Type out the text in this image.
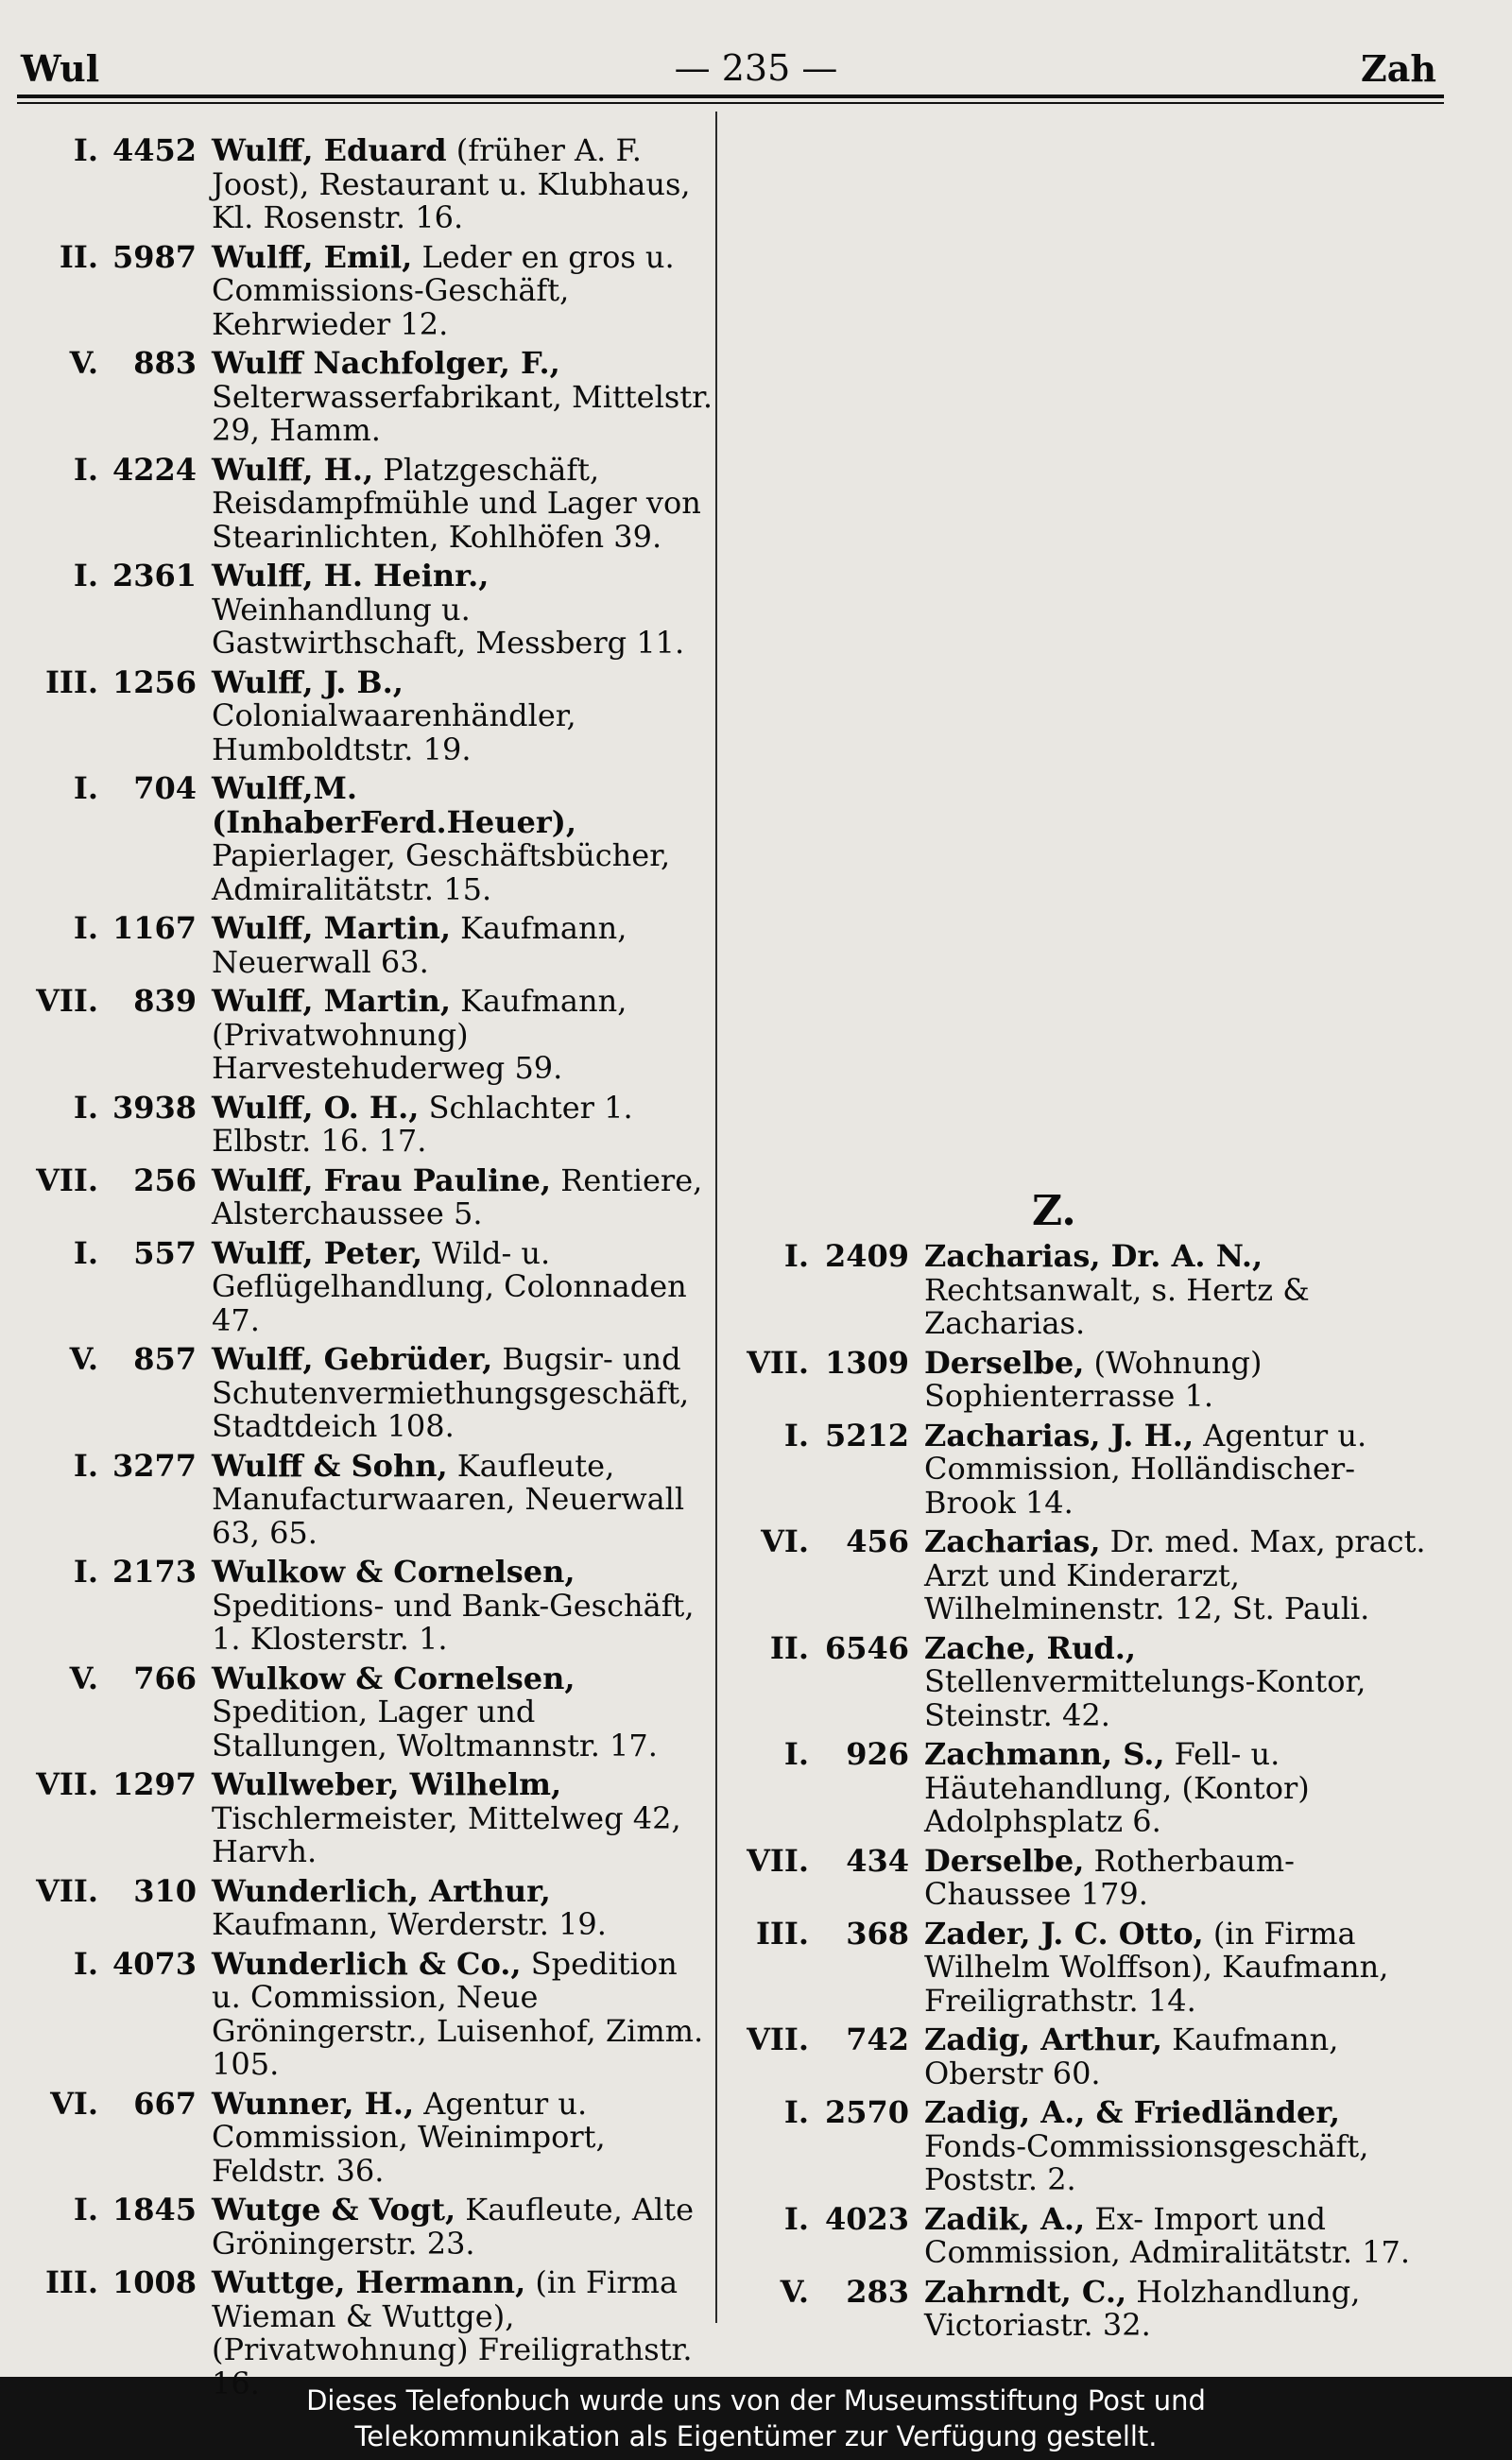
Wul	— 235 —	Zah
I. 4452 Wulff, Eduard (früher A. F. Joost), Restaurant u. Klubhaus, Kl. Rosenstr. 16.
II. 5987 Wulff, Emil, Leder en gros u. Commissions-Geschäft, Kehrwieder 12.
V. 883 Wulff Nachfolger, F., Selterwasserfabrikant, Mittelstr. 29, Hamm.
I. 4224 Wulff, H., Platzgeschäft, Reisdampfmühle und Lager von Stearinlichten, Kohlhöfen 39.
I. 2361 Wulff, H. Heinr., Weinhandlung u. Gastwirthschaft, Messberg 11.
III. 1256 Wulff, J. B., Colonialwaarenhändler, Humboldtstr. 19.
I. 704 Wulff,M.(InhaberFerd.Heuer), Papierlager, Geschäftsbücher, Admiralitätstr. 15.
I. 1167 Wulff, Martin, Kaufmann, Neuerwall 63.
VII. 839 Wulff, Martin, Kaufmann, (Privatwohnung) Harvestehuderweg 59.
I. 3938 Wulff, O. H., Schlachter 1. Elbstr. 16. 17.
VII. 256 Wulff, Frau Pauline, Rentiere, Alsterchaussee 5.
I. 557 Wulff, Peter, Wild- u. Geflügelhandlung, Colonnaden 47.
V. 857 Wulff, Gebrüder, Bugsir- und Schutenvermiethungsgeschäft, Stadtdeich 108.
I. 3277 Wulff & Sohn, Kaufleute, Manufacturwaaren, Neuerwall 63, 65.
I. 2173 Wulkow & Cornelsen, Speditions- und Bank-Geschäft, 1. Klosterstr. 1.
V. 766 Wulkow & Cornelsen, Spedition, Lager und Stallungen, Woltmannstr. 17.
VII. 1297 Wullweber, Wilhelm, Tischlermeister, Mittelweg 42, Harvh.
VII. 310 Wunderlich, Arthur, Kaufmann, Werderstr. 19.
I. 4073 Wunderlich & Co., Spedition u. Commission, Neue Gröningerstr., Luisenhof, Zimm. 105.
VI. 667 Wunner, H., Agentur u. Commission, Weinimport, Feldstr. 36.
I. 1845 Wutge & Vogt, Kaufleute, Alte Gröningerstr. 23.
III. 1008 Wuttge, Hermann, (in Firma Wieman & Wuttge), (Privatwohnung) Freiligrathstr. 16.
Z.
I. 2409 Zacharias, Dr. A. N., Rechtsanwalt, s. Hertz & Zacharias.
VII. 1309 Derselbe, (Wohnung) Sophienterrasse 1.
I. 5212 Zacharias, J. H., Agentur u. Commission, Holländischer-Brook 14.
VI. 456 Zacharias, Dr. med. Max, pract. Arzt und Kinderarzt, Wilhelminenstr. 12, St. Pauli.
II. 6546 Zache, Rud., Stellenvermittelungs-Kontor, Steinstr. 42.
I. 926 Zachmann, S., Fell- u. Häutehandlung, (Kontor) Adolphsplatz 6.
VII. 434 Derselbe, Rotherbaum-Chaussee 179.
III. 368 Zader, J. C. Otto, (in Firma Wilhelm Wolffson), Kaufmann, Freiligrathstr. 14.
VII. 742 Zadig, Arthur, Kaufmann, Oberstr 60.
I. 2570 Zadig, A., & Friedländer, Fonds-Commissionsgeschäft, Poststr. 2.
I. 4023 Zadik, A., Ex- Import und Commission, Admiralitätstr. 17.
V. 283 Zahrndt, C., Holzhandlung, Victoriastr. 32.
Dieses Telefonbuch wurde uns von der Museumsstiftung Post und
Telekommunikation als Eigentümer zur Verfügung gestellt.
